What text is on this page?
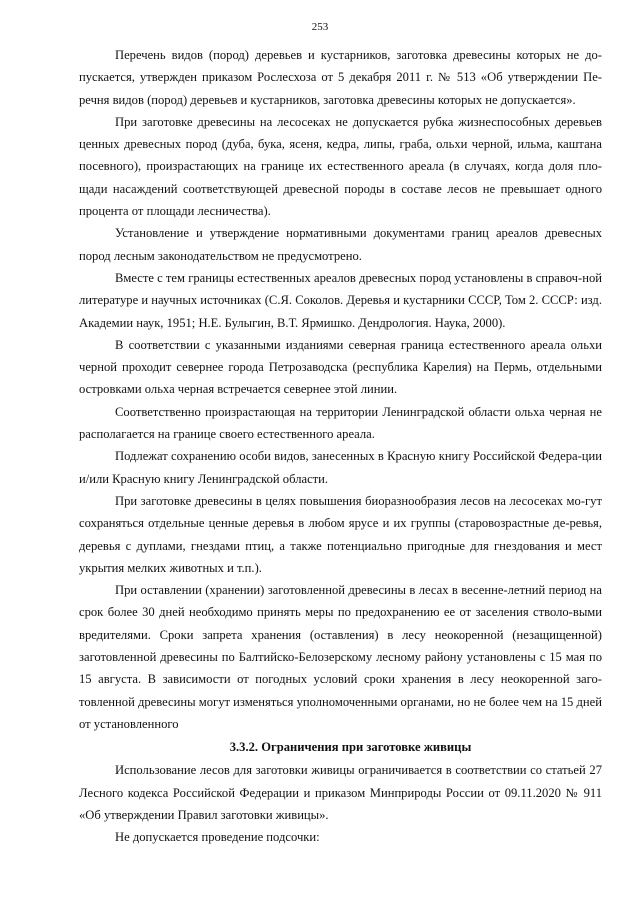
253

Перечень видов (пород) деревьев и кустарников, заготовка древесины которых не до-пускается, утвержден приказом Рослесхоза от 5 декабря 2011 г. № 513 «Об утверждении Пе-речня видов (пород) деревьев и кустарников, заготовка древесины которых не допускается».

При заготовке древесины на лесосеках не допускается рубка жизнеспособных деревьев ценных древесных пород (дуба, бука, ясеня, кедра, липы, граба, ольхи черной, ильма, каштана посевного), произрастающих на границе их естественного ареала (в случаях, когда доля пло-щади насаждений соответствующей древесной породы в составе лесов не превышает одного процента от площади лесничества).

Установление и утверждение нормативными документами границ ареалов древесных пород лесным законодательством не предусмотрено.

Вместе с тем границы естественных ареалов древесных пород установлены в справоч-ной литературе и научных источниках (С.Я. Соколов. Деревья и кустарники СССР, Том 2. СССР: изд. Академии наук, 1951; Н.Е. Булыгин, В.Т. Ярмишко. Дендрология. Наука, 2000).

В соответствии с указанными изданиями северная граница естественного ареала ольхи черной проходит севернее города Петрозаводска (республика Карелия) на Пермь, отдельными островками ольха черная встречается севернее этой линии.

Соответственно произрастающая на территории Ленинградской области ольха черная не располагается на границе своего естественного ареала.

Подлежат сохранению особи видов, занесенных в Красную книгу Российской Федера-ции и/или Красную книгу Ленинградской области.

При заготовке древесины в целях повышения биоразнообразия лесов на лесосеках мо-гут сохраняться отдельные ценные деревья в любом ярусе и их группы (старовозрастные де-ревья, деревья с дуплами, гнездами птиц, а также потенциально пригодные для гнездования и мест укрытия мелких животных и т.п.).

При оставлении (хранении) заготовленной древесины в лесах в весенне-летний период на срок более 30 дней необходимо принять меры по предохранению ее от заселения стволо-выми вредителями. Сроки запрета хранения (оставления) в лесу неокоренной (незащищенной) заготовленной древесины по Балтийско-Белозерскому лесному району установлены с 15 мая по 15 августа. В зависимости от погодных условий сроки хранения в лесу неокоренной заго-товленной древесины могут изменяться уполномоченными органами, но не более чем на 15 дней от установленного

3.3.2. Ограничения при заготовке живицы

Использование лесов для заготовки живицы ограничивается в соответствии со статьей 27 Лесного кодекса Российской Федерации и приказом Минприроды России от 09.11.2020 № 911 «Об утверждении Правил заготовки живицы».

Не допускается проведение подсочки:
